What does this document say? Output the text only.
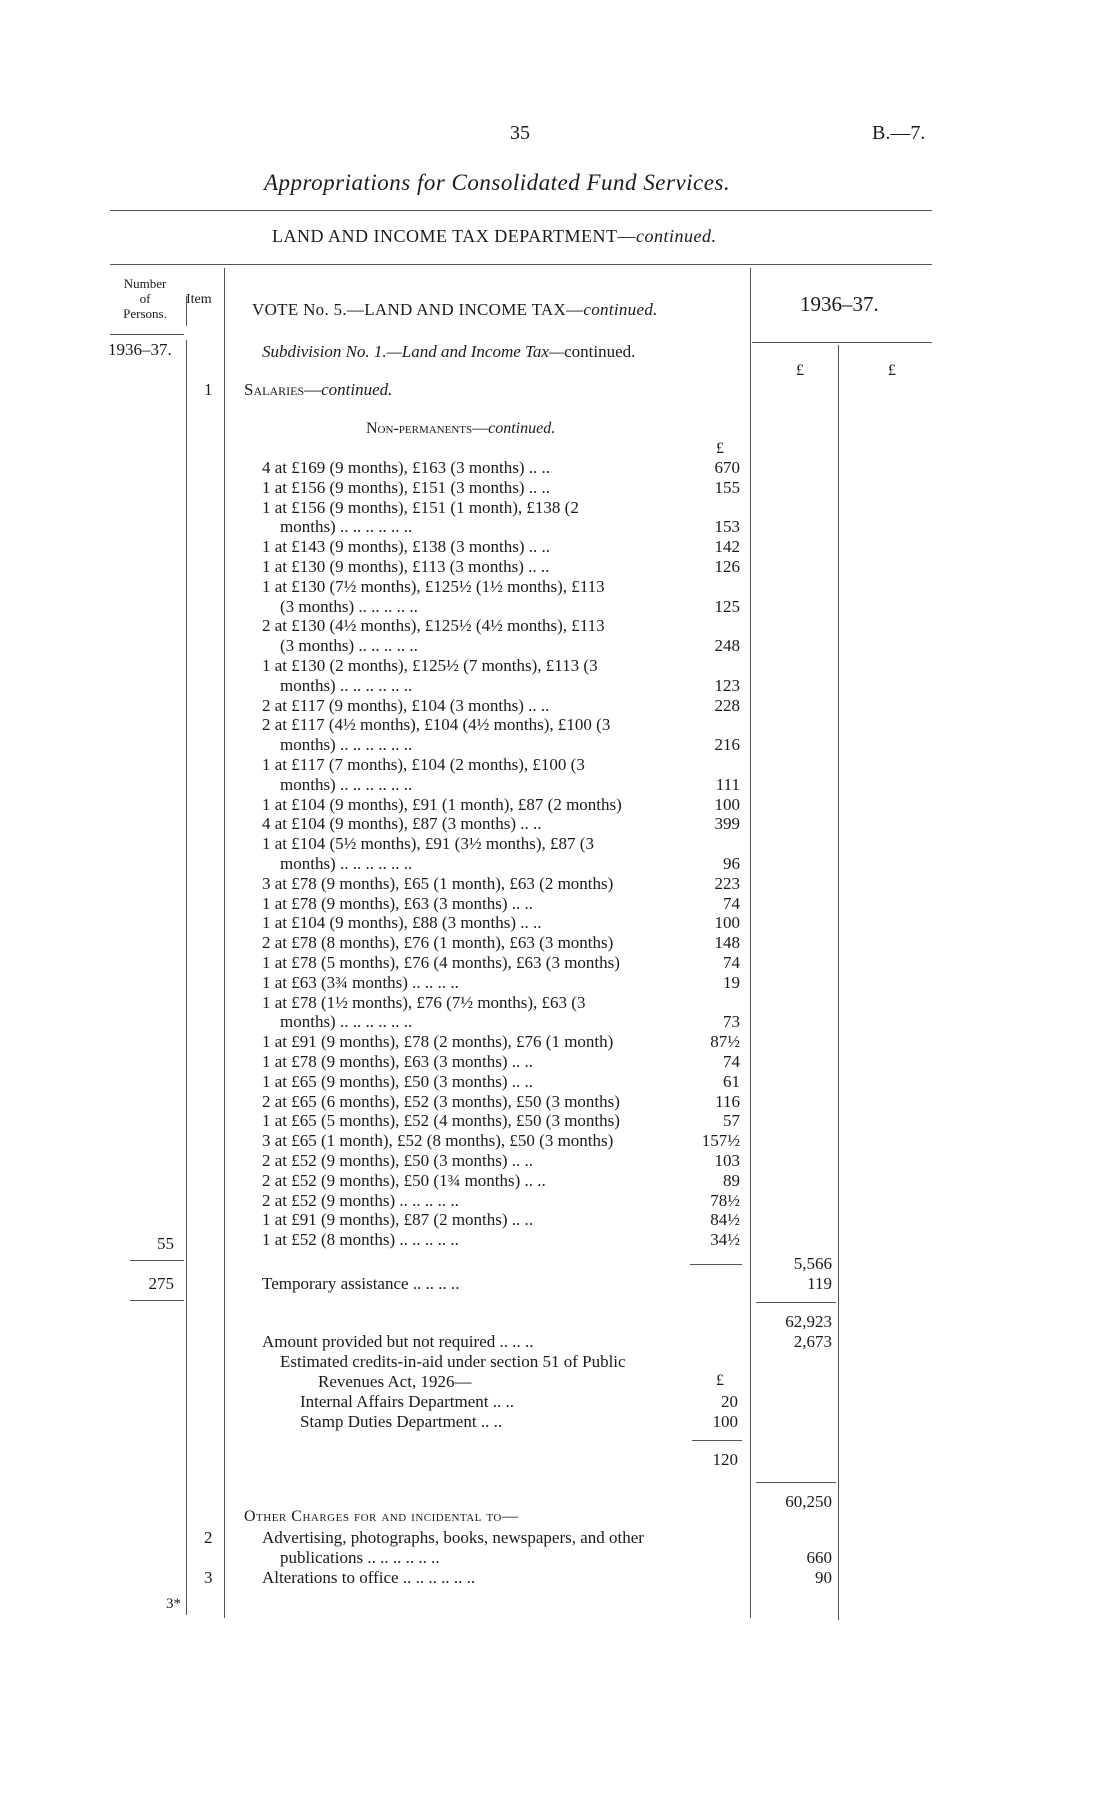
35	B.—7.
Appropriations for Consolidated Fund Services.
LAND AND INCOME TAX DEPARTMENT—continued.
Number
of
Persons.
Item
VOTE No. 5.—LAND AND INCOME TAX—continued.	1936–37.
1936–37.	Subdivision No. 1.—Land and Income Tax—continued.
£	£
1 Salaries—continued.
Non-permanents—continued.
£
4 at £169 (9 months), £163 (3 months) .. ..	670
1 at £156 (9 months), £151 (3 months) .. ..	155
1 at £156 (9 months), £151 (1 month), £138 (2
months) .. .. .. .. .. ..	153
1 at £143 (9 months), £138 (3 months) .. ..	142
1 at £130 (9 months), £113 (3 months) .. ..	126
1 at £130 (7½ months), £125½ (1½ months), £113
(3 months) .. .. .. .. ..	125
2 at £130 (4½ months), £125½ (4½ months), £113
(3 months) .. .. .. .. ..	248
1 at £130 (2 months), £125½ (7 months), £113 (3
months) .. .. .. .. .. ..	123
2 at £117 (9 months), £104 (3 months) .. ..	228
2 at £117 (4½ months), £104 (4½ months), £100 (3
months) .. .. .. .. .. ..	216
1 at £117 (7 months), £104 (2 months), £100 (3
months) .. .. .. .. .. ..	111
1 at £104 (9 months), £91 (1 month), £87 (2 months)	100
4 at £104 (9 months), £87 (3 months) .. ..	399
1 at £104 (5½ months), £91 (3½ months), £87 (3
months) .. .. .. .. .. ..	96
3 at £78 (9 months), £65 (1 month), £63 (2 months)	223
1 at £78 (9 months), £63 (3 months) .. ..	74
1 at £104 (9 months), £88 (3 months) .. ..	100
2 at £78 (8 months), £76 (1 month), £63 (3 months)	148
1 at £78 (5 months), £76 (4 months), £63 (3 months)	74
1 at £63 (3¾ months) .. .. .. ..	19
1 at £78 (1½ months), £76 (7½ months), £63 (3
months) .. .. .. .. .. ..	73
1 at £91 (9 months), £78 (2 months), £76 (1 month)	87½
1 at £78 (9 months), £63 (3 months) .. ..	74
1 at £65 (9 months), £50 (3 months) .. ..	61
2 at £65 (6 months), £52 (3 months), £50 (3 months)	116
1 at £65 (5 months), £52 (4 months), £50 (3 months)	57
3 at £65 (1 month), £52 (8 months), £50 (3 months)	157½
2 at £52 (9 months), £50 (3 months) .. ..	103
2 at £52 (9 months), £50 (1¾ months) .. ..	89
2 at £52 (9 months) .. .. .. .. ..	78½
1 at £91 (9 months), £87 (2 months) .. ..	84½
1 at £52 (8 months) .. .. .. .. ..	34½
55
5,566
275	Temporary assistance .. .. .. ..	119
62,923
Amount provided but not required .. .. ..	2,673
Estimated credits-in-aid under section 51 of Public
Revenues Act, 1926—	£
Internal Affairs Department .. ..	20
Stamp Duties Department .. ..	100
120
60,250
Other Charges for and incidental to—
2	Advertising, photographs, books, newspapers, and other
publications .. .. .. .. .. ..	660
3	Alterations to office .. .. .. .. .. ..	90
3*
